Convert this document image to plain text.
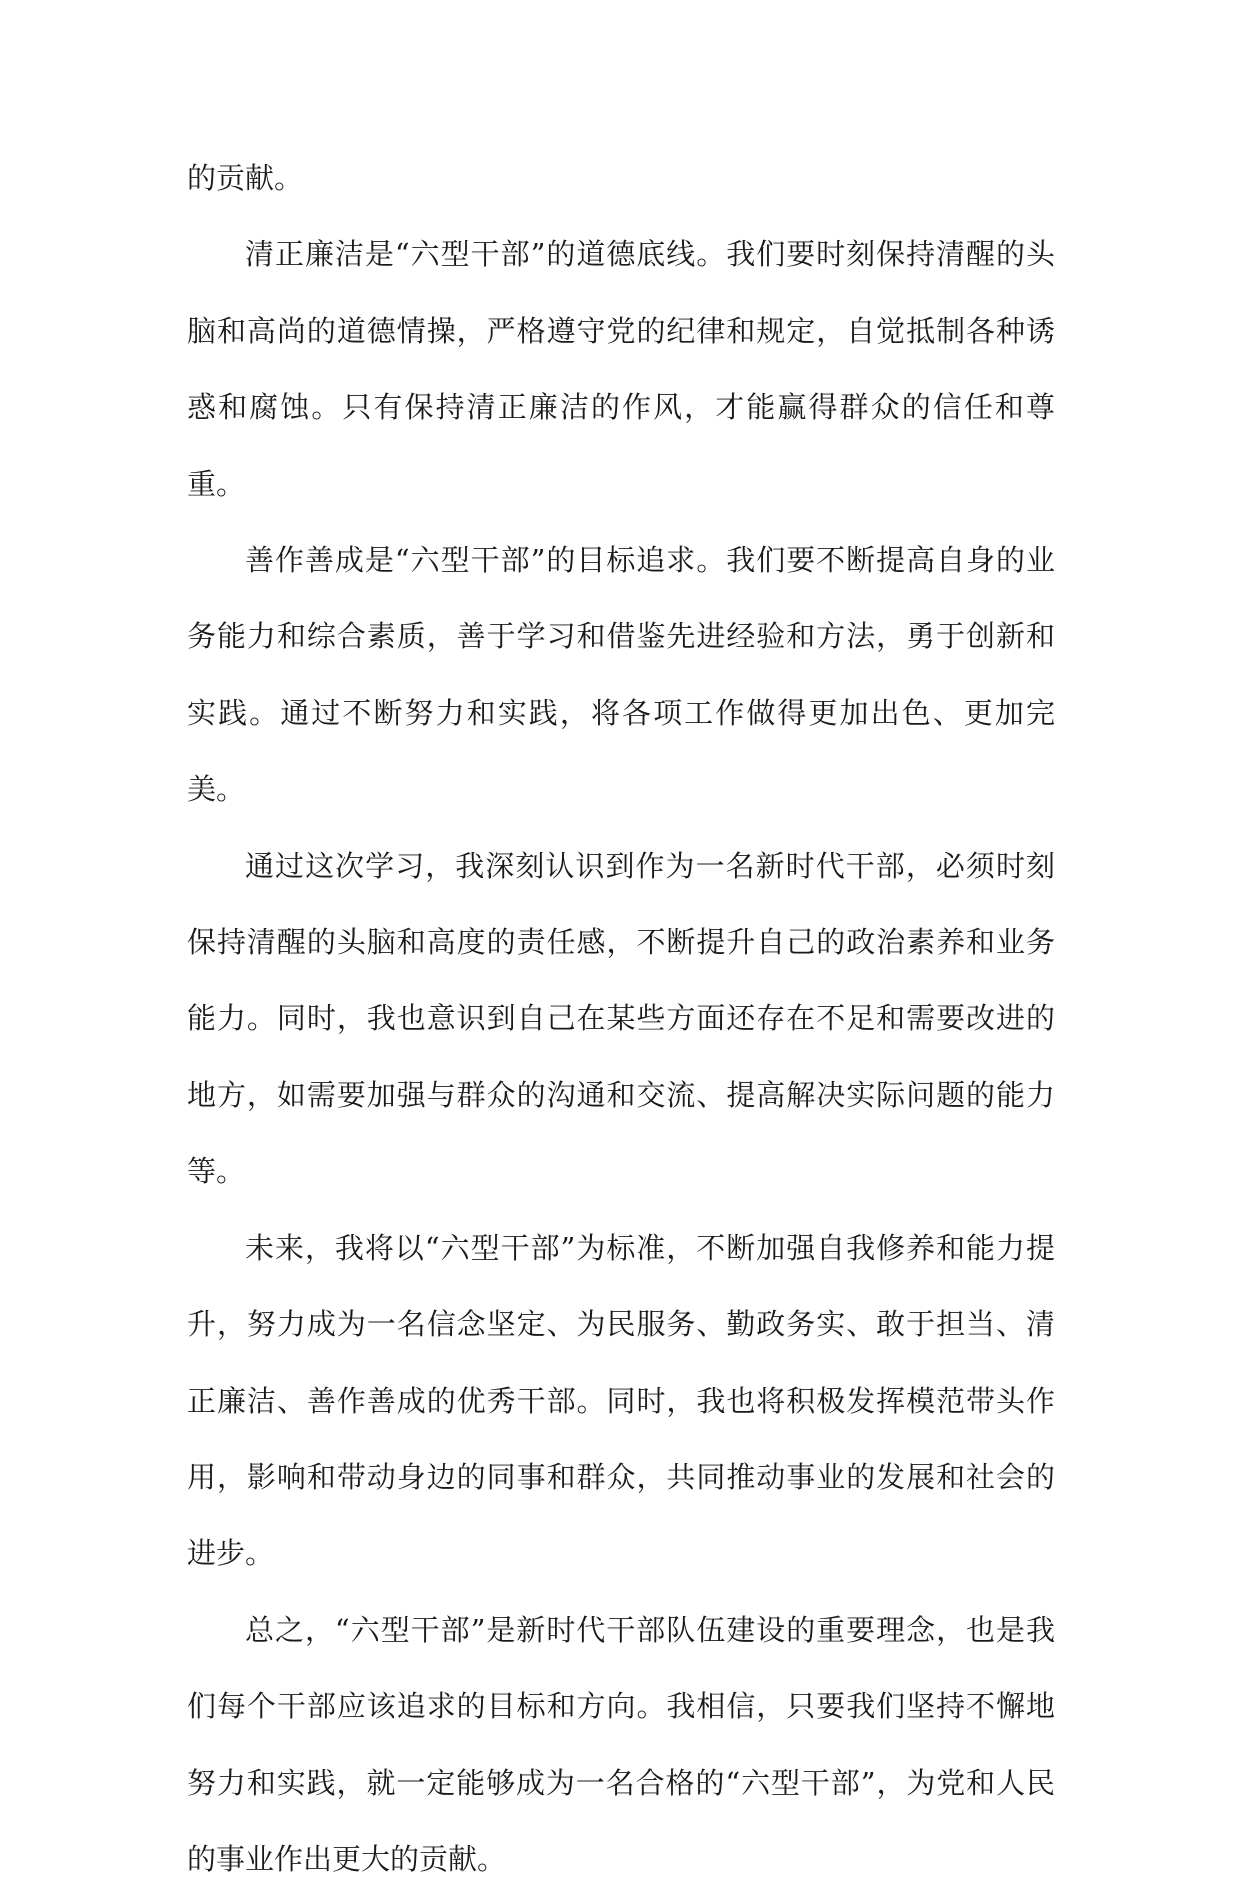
的贡献。

清正廉洁是“六型干部”的道德底线。我们要时刻保持清醒的头脑和高尚的道德情操，严格遵守党的纪律和规定，自觉抵制各种诱惑和腐蚀。只有保持清正廉洁的作风，才能赢得群众的信任和尊重。

善作善成是“六型干部”的目标追求。我们要不断提高自身的业务能力和综合素质，善于学习和借鉴先进经验和方法，勇于创新和实践。通过不断努力和实践，将各项工作做得更加出色、更加完美。

通过这次学习，我深刻认识到作为一名新时代干部，必须时刻保持清醒的头脑和高度的责任感，不断提升自己的政治素养和业务能力。同时，我也意识到自己在某些方面还存在不足和需要改进的地方，如需要加强与群众的沟通和交流、提高解决实际问题的能力等。

未来，我将以“六型干部”为标准，不断加强自我修养和能力提升，努力成为一名信念坚定、为民服务、勤政务实、敢于担当、清正廉洁、善作善成的优秀干部。同时，我也将积极发挥模范带头作用，影响和带动身边的同事和群众，共同推动事业的发展和社会的进步。

总之，“六型干部”是新时代干部队伍建设的重要理念，也是我们每个干部应该追求的目标和方向。我相信，只要我们坚持不懈地努力和实践，就一定能够成为一名合格的“六型干部”，为党和人民的事业作出更大的贡献。
